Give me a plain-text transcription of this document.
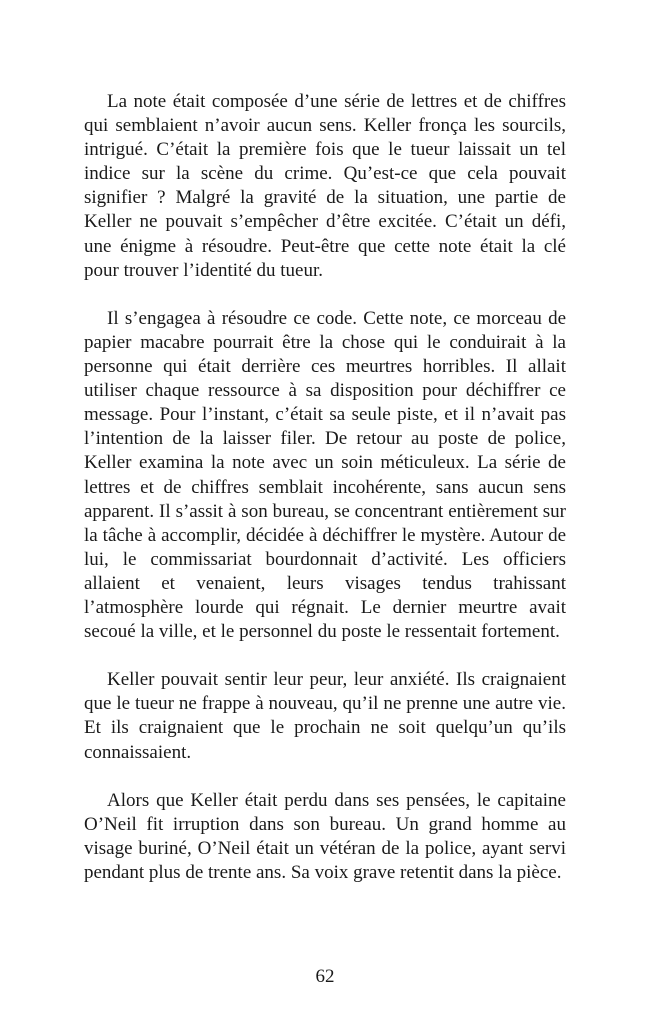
La note était composée d’une série de lettres et de chiffres qui semblaient n’avoir aucun sens. Keller fronça les sourcils, intrigué. C’était la première fois que le tueur laissait un tel indice sur la scène du crime. Qu’est-ce que cela pouvait signifier ? Malgré la gravité de la situation, une partie de Keller ne pouvait s’empêcher d’être excitée. C’était un défi, une énigme à résoudre. Peut-être que cette note était la clé pour trouver l’identité du tueur.

Il s’engagea à résoudre ce code. Cette note, ce morceau de papier macabre pourrait être la chose qui le conduirait à la personne qui était derrière ces meurtres horribles. Il allait utiliser chaque ressource à sa disposition pour déchiffrer ce message. Pour l’instant, c’était sa seule piste, et il n’avait pas l’intention de la laisser filer. De retour au poste de police, Keller examina la note avec un soin méticuleux. La série de lettres et de chiffres semblait incohérente, sans aucun sens apparent. Il s’assit à son bureau, se concentrant entièrement sur la tâche à accomplir, décidée à déchiffrer le mystère. Autour de lui, le commissariat bourdonnait d’activité. Les officiers allaient et venaient, leurs visages tendus trahissant l’atmosphère lourde qui régnait. Le dernier meurtre avait secoué la ville, et le personnel du poste le ressentait fortement.

Keller pouvait sentir leur peur, leur anxiété. Ils craignaient que le tueur ne frappe à nouveau, qu’il ne prenne une autre vie. Et ils craignaient que le prochain ne soit quelqu’un qu’ils connaissaient.

Alors que Keller était perdu dans ses pensées, le capitaine O’Neil fit irruption dans son bureau. Un grand homme au visage buriné, O’Neil était un vétéran de la police, ayant servi pendant plus de trente ans. Sa voix grave retentit dans la pièce.

62
